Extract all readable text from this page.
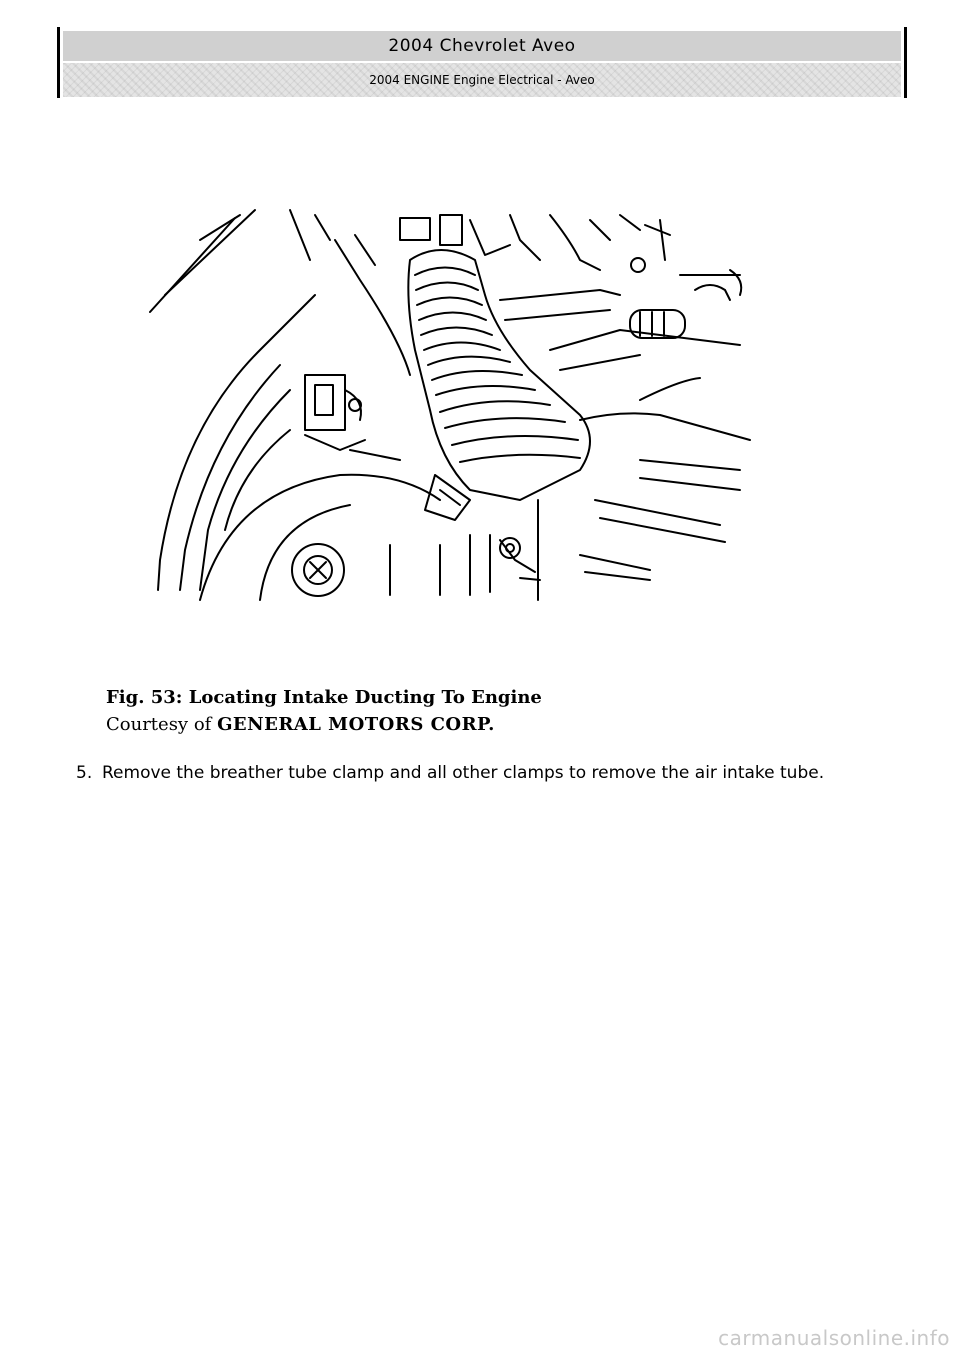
2004 Chevrolet Aveo
2004 ENGINE Engine Electrical - Aveo
Fig. 53: Locating Intake Ducting To Engine
Courtesy of GENERAL MOTORS CORP.
5. Remove the breather tube clamp and all other clamps to remove the air intake tube.
carmanualsonline.info
